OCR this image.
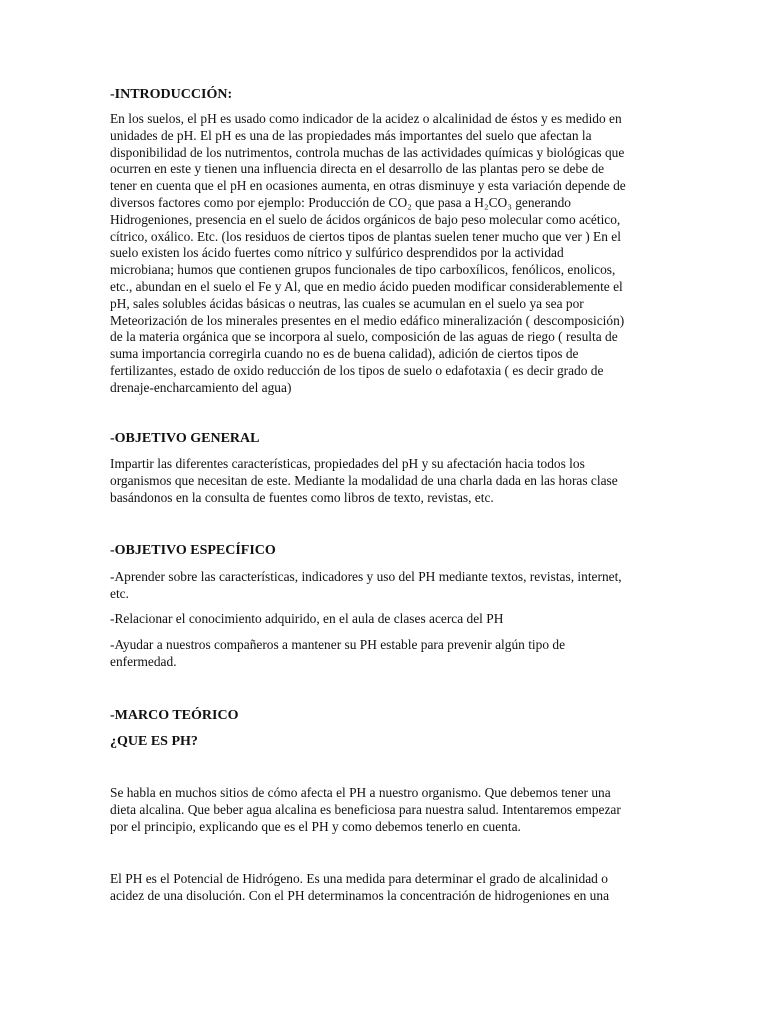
-INTRODUCCIÓN:
En los suelos, el pH es usado como indicador de la acidez o alcalinidad de éstos y es medido en
unidades de pH. El pH es una de las propiedades más importantes del suelo que afectan la
disponibilidad de los nutrimentos, controla muchas de las actividades químicas y biológicas que
ocurren en este y tienen una influencia directa en el desarrollo de las plantas pero se debe de
tener en cuenta que el pH en ocasiones aumenta, en otras disminuye y esta variación depende de
diversos factores como por ejemplo: Producción de CO₂ que pasa a H₂CO₃ generando
Hidrogeniones, presencia en el suelo de ácidos orgánicos de bajo peso molecular como acético,
cítrico, oxálico. Etc. (los residuos de ciertos tipos de plantas suelen tener mucho que ver ) En el
suelo existen los ácido fuertes como nítrico y sulfúrico desprendidos por la actividad
microbiana; humos que contienen grupos funcionales de tipo carboxílicos, fenólicos, enolicos,
etc., abundan en el suelo el Fe y Al, que en medio ácido pueden modificar considerablemente el
pH, sales solubles ácidas básicas o neutras, las cuales se acumulan en el suelo ya sea por
Meteorización de los minerales presentes en el medio edáfico mineralización ( descomposición)
de la materia orgánica que se incorpora al suelo, composición de las aguas de riego ( resulta de
suma importancia corregirla cuando no es de buena calidad), adición de ciertos tipos de
fertilizantes, estado de oxido reducción de los tipos de suelo o edafotaxia ( es decir grado de
drenaje-encharcamiento del agua)
-OBJETIVO GENERAL
Impartir las diferentes características, propiedades del pH y su afectación hacia todos los
organismos que necesitan de este. Mediante la modalidad de una charla dada en las horas clase
basándonos en la consulta de fuentes como libros de texto, revistas, etc.
-OBJETIVO ESPECÍFICO
-Aprender sobre las características, indicadores y uso del PH mediante textos, revistas, internet,
etc.
-Relacionar el conocimiento adquirido, en el aula de clases acerca del PH
-Ayudar a nuestros compañeros a mantener su PH estable para prevenir algún tipo de
enfermedad.
-MARCO TEÓRICO
¿QUE ES PH?
Se habla en muchos sitios de cómo afecta el PH a nuestro organismo. Que debemos tener una
dieta alcalina. Que beber agua alcalina es beneficiosa para nuestra salud. Intentaremos empezar
por el principio, explicando que es el PH y como debemos tenerlo en cuenta.
El PH es el Potencial de Hidrógeno. Es una medida para determinar el grado de alcalinidad o
acidez de una disolución. Con el PH determinamos la concentración de hidrogeniones en una
